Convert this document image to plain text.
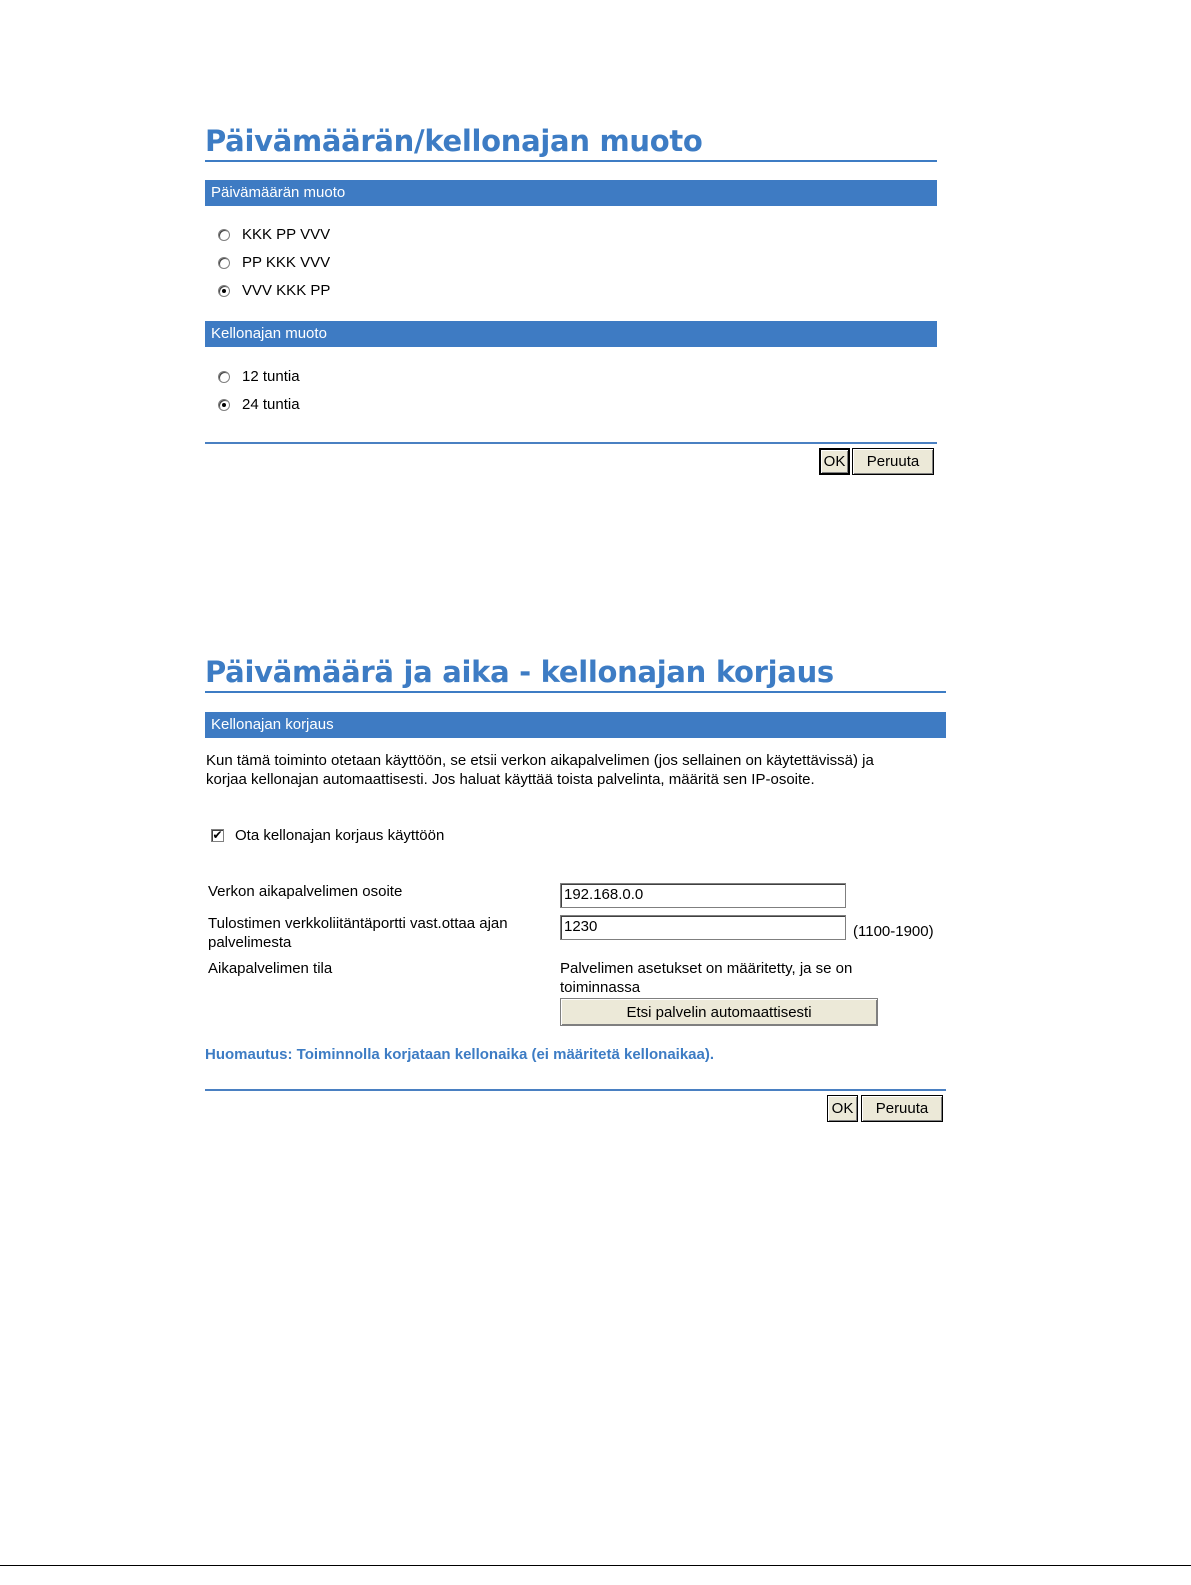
Päivämäärän/kellonajan muoto
Päivämäärän muoto
KKK PP VVV
PP KKK VVV
VVV KKK PP
Kellonajan muoto
12 tuntia
24 tuntia
OK	Peruuta
Päivämäärä ja aika - kellonajan korjaus
Kellonajan korjaus
Kun tämä toiminto otetaan käyttöön, se etsii verkon aikapalvelimen (jos sellainen on käytettävissä) ja
korjaa kellonajan automaattisesti. Jos haluat käyttää toista palvelinta, määritä sen IP-osoite.
✔ Ota kellonajan korjaus käyttöön
Verkon aikapalvelimen osoite	192.168.0.0
Tulostimen verkkoliitäntäportti vast.ottaa ajan
palvelimesta
1230	(1100-1900)
Aikapalvelimen tila	Palvelimen asetukset on määritetty, ja se on
toiminnassa
Etsi palvelin automaattisesti
Huomautus: Toiminnolla korjataan kellonaika (ei määritetä kellonaikaa).
OK	Peruuta
